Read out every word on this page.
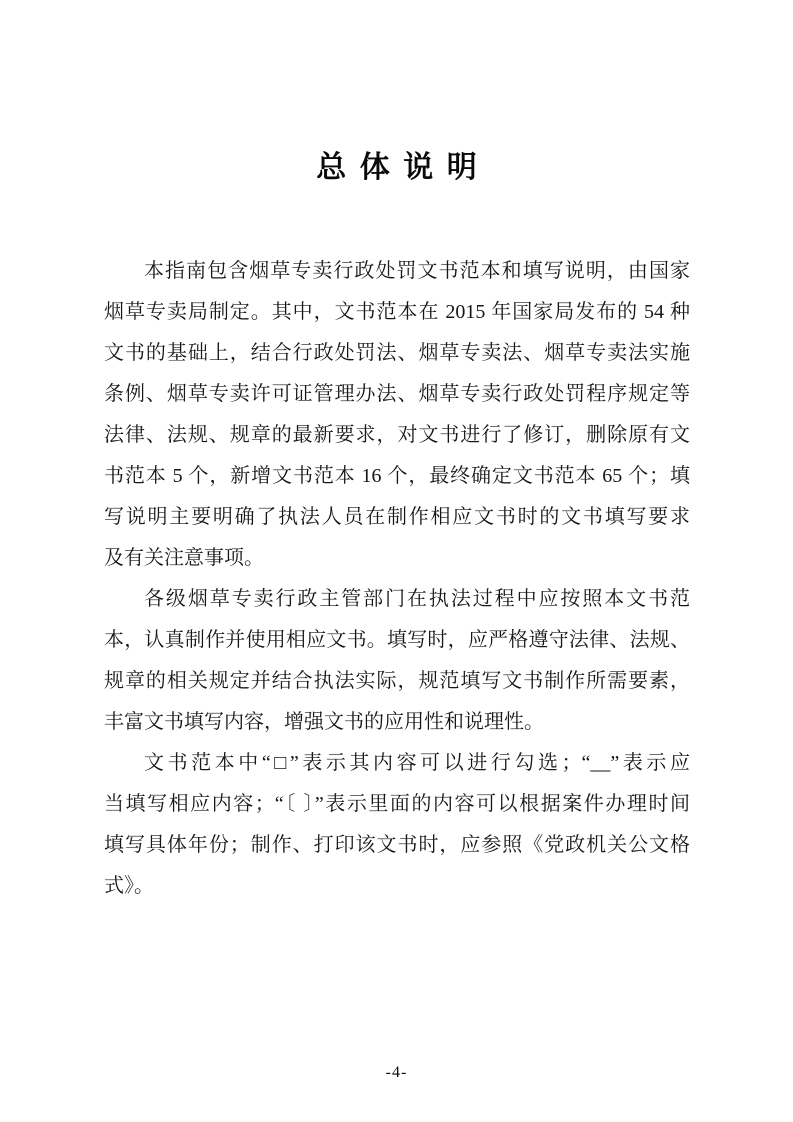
总 体 说 明
本指南包含烟草专卖行政处罚文书范本和填写说明，由国家
烟草专卖局制定。其中，文书范本在 2015 年国家局发布的 54 种
文书的基础上，结合行政处罚法、烟草专卖法、烟草专卖法实施
条例、烟草专卖许可证管理办法、烟草专卖行政处罚程序规定等
法律、法规、规章的最新要求，对文书进行了修订，删除原有文
书范本 5 个，新增文书范本 16 个，最终确定文书范本 65 个；填
写说明主要明确了执法人员在制作相应文书时的文书填写要求
及有关注意事项。
各级烟草专卖行政主管部门在执法过程中应按照本文书范
本，认真制作并使用相应文书。填写时，应严格遵守法律、法规、
规章的相关规定并结合执法实际，规范填写文书制作所需要素，
丰富文书填写内容，增强文书的应用性和说理性。
文书范本中“□”表示其内容可以进行勾选；“__”表示应
当填写相应内容；“〔 〕”表示里面的内容可以根据案件办理时间
填写具体年份；制作、打印该文书时，应参照《党政机关公文格
式》。
-4-
